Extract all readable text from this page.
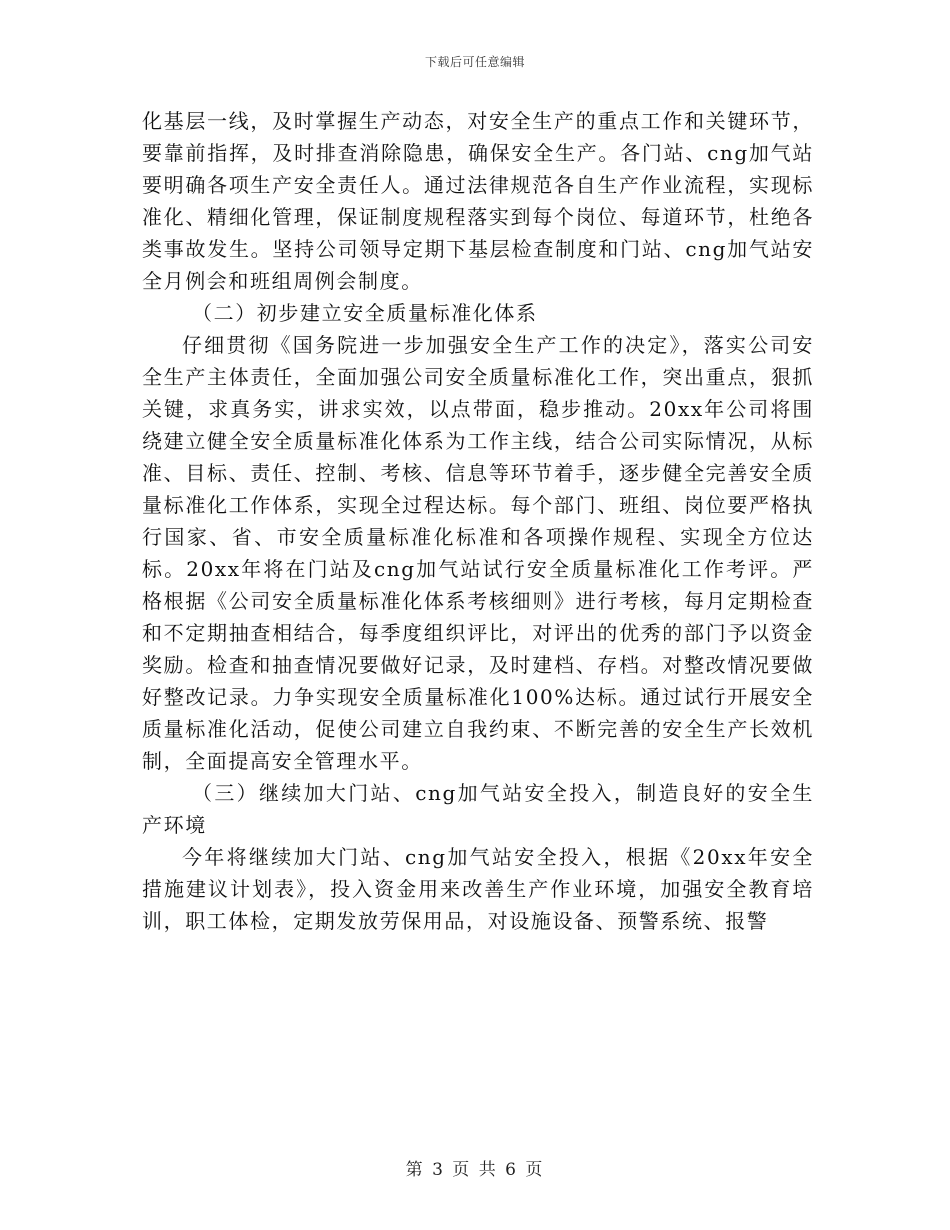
下载后可任意编辑

化基层一线，及时掌握生产动态，对安全生产的重点工作和关键环节，要靠前指挥，及时排查消除隐患，确保安全生产。各门站、cng加气站要明确各项生产安全责任人。通过法律规范各自生产作业流程，实现标准化、精细化管理，保证制度规程落实到每个岗位、每道环节，杜绝各类事故发生。坚持公司领导定期下基层检查制度和门站、cng加气站安全月例会和班组周例会制度。

（二）初步建立安全质量标准化体系

仔细贯彻《国务院进一步加强安全生产工作的决定》，落实公司安全生产主体责任，全面加强公司安全质量标准化工作，突出重点，狠抓关键，求真务实，讲求实效，以点带面，稳步推动。20xx年公司将围绕建立健全安全质量标准化体系为工作主线，结合公司实际情况，从标准、目标、责任、控制、考核、信息等环节着手，逐步健全完善安全质量标准化工作体系，实现全过程达标。每个部门、班组、岗位要严格执行国家、省、市安全质量标准化标准和各项操作规程、实现全方位达标。20xx年将在门站及cng加气站试行安全质量标准化工作考评。严格根据《公司安全质量标准化体系考核细则》进行考核，每月定期检查和不定期抽查相结合，每季度组织评比，对评出的优秀的部门予以资金奖励。检查和抽查情况要做好记录，及时建档、存档。对整改情况要做好整改记录。力争实现安全质量标准化100%达标。通过试行开展安全质量标准化活动，促使公司建立自我约束、不断完善的安全生产长效机制，全面提高安全管理水平。

（三）继续加大门站、cng加气站安全投入，制造良好的安全生产环境

今年将继续加大门站、cng加气站安全投入，根据《20xx年安全措施建议计划表》，投入资金用来改善生产作业环境，加强安全教育培训，职工体检，定期发放劳保用品，对设施设备、预警系统、报警

第 3 页 共 6 页
